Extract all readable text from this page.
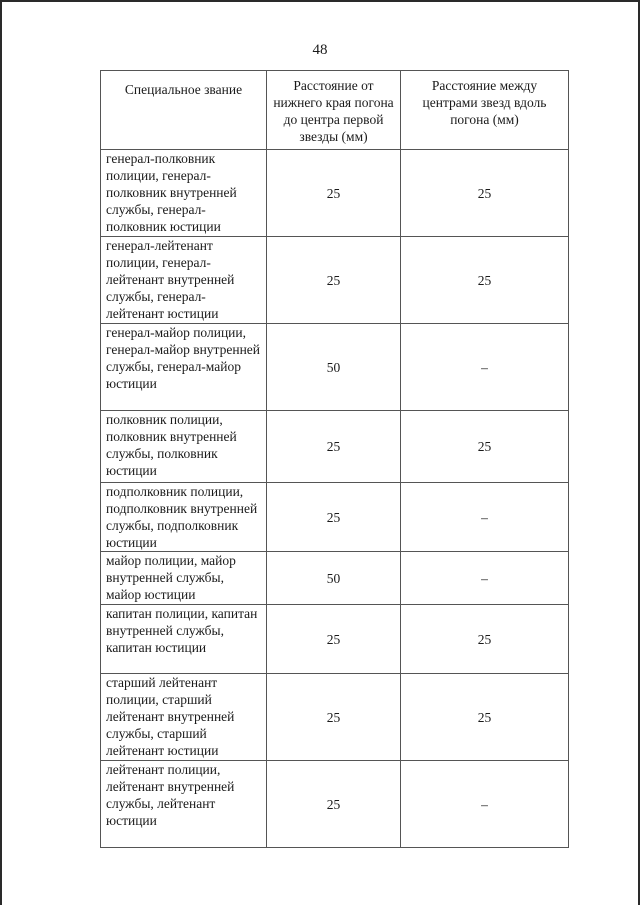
48
Специальное звание	Расстояние от нижнего края погона до центра первой звезды (мм)	Расстояние между центрами звезд вдоль погона (мм)
генерал-полковник полиции, генерал-полковник внутренней службы, генерал-полковник юстиции	25	25
генерал-лейтенант полиции, генерал-лейтенант внутренней службы, генерал-лейтенант юстиции	25	25
генерал-майор полиции, генерал-майор внутренней службы, генерал-майор юстиции	50	–
полковник полиции, полковник внутренней службы, полковник юстиции	25	25
подполковник полиции, подполковник внутренней службы, подполковник юстиции	25	–
майор полиции, майор внутренней службы, майор юстиции	50	–
капитан полиции, капитан внутренней службы, капитан юстиции	25	25
старший лейтенант полиции, старший лейтенант внутренней службы, старший лейтенант юстиции	25	25
лейтенант полиции, лейтенант внутренней службы, лейтенант юстиции	25	–
